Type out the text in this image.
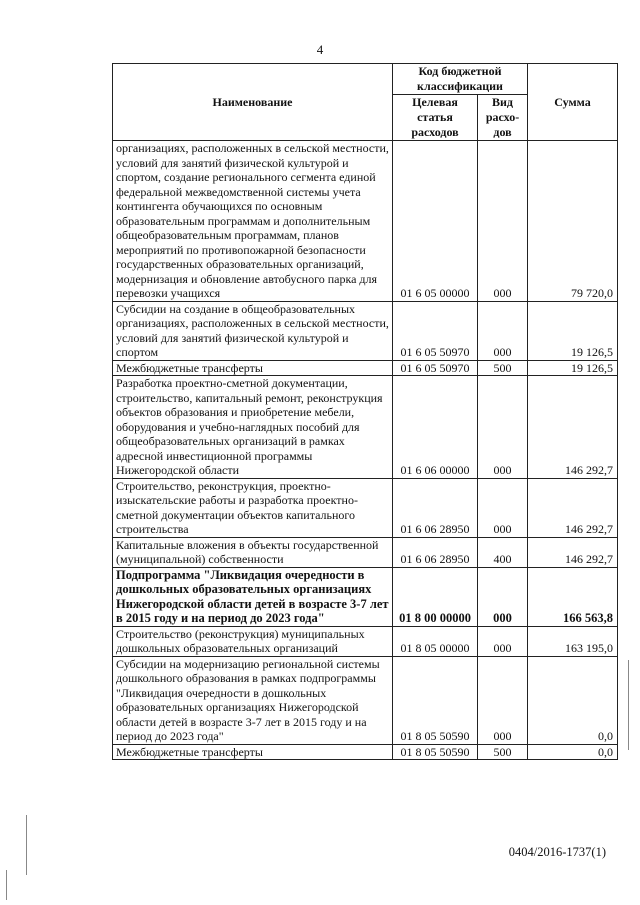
4
Наименование	Код бюджетной классификации		Сумма
	Целевая статья расходов	Вид расхо-дов	
организациях, расположенных в сельской местности, условий для занятий физической культурой и спортом, создание регионального сегмента единой федеральной межведомственной системы учета контингента обучающихся по основным образовательным программам и дополнительным общеобразовательным программам, планов мероприятий по противопожарной безопасности государственных образовательных организаций, модернизация и обновление автобусного парка для перевозки учащихся	01 6 05 00000	000	79 720,0
Субсидии на создание в общеобразовательных организациях, расположенных в сельской местности, условий для занятий физической культурой и спортом	01 6 05 50970	000	19 126,5
Межбюджетные трансферты	01 6 05 50970	500	19 126,5
Разработка проектно-сметной документации, строительство, капитальный ремонт, реконструкция объектов образования и приобретение мебели, оборудования и учебно-наглядных пособий для общеобразовательных организаций в рамках адресной инвестиционной программы Нижегородской области	01 6 06 00000	000	146 292,7
Строительство, реконструкция, проектно-изыскательские работы и разработка проектно-сметной документации объектов капитального строительства	01 6 06 28950	000	146 292,7
Капитальные вложения в объекты государственной (муниципальной) собственности	01 6 06 28950	400	146 292,7
Подпрограмма "Ликвидация очередности в дошкольных образовательных организациях Нижегородской области детей в возрасте 3-7 лет в 2015 году и на период до 2023 года"	01 8 00 00000	000	166 563,8
Строительство (реконструкция) муниципальных дошкольных образовательных организаций	01 8 05 00000	000	163 195,0
Субсидии на модернизацию региональной системы дошкольного образования в рамках подпрограммы "Ликвидация очередности в дошкольных образовательных организациях Нижегородской области детей в возрасте 3-7 лет в 2015 году и на период до 2023 года"	01 8 05 50590	000	0,0
Межбюджетные трансферты	01 8 05 50590	500	0,0
0404/2016-1737(1)
